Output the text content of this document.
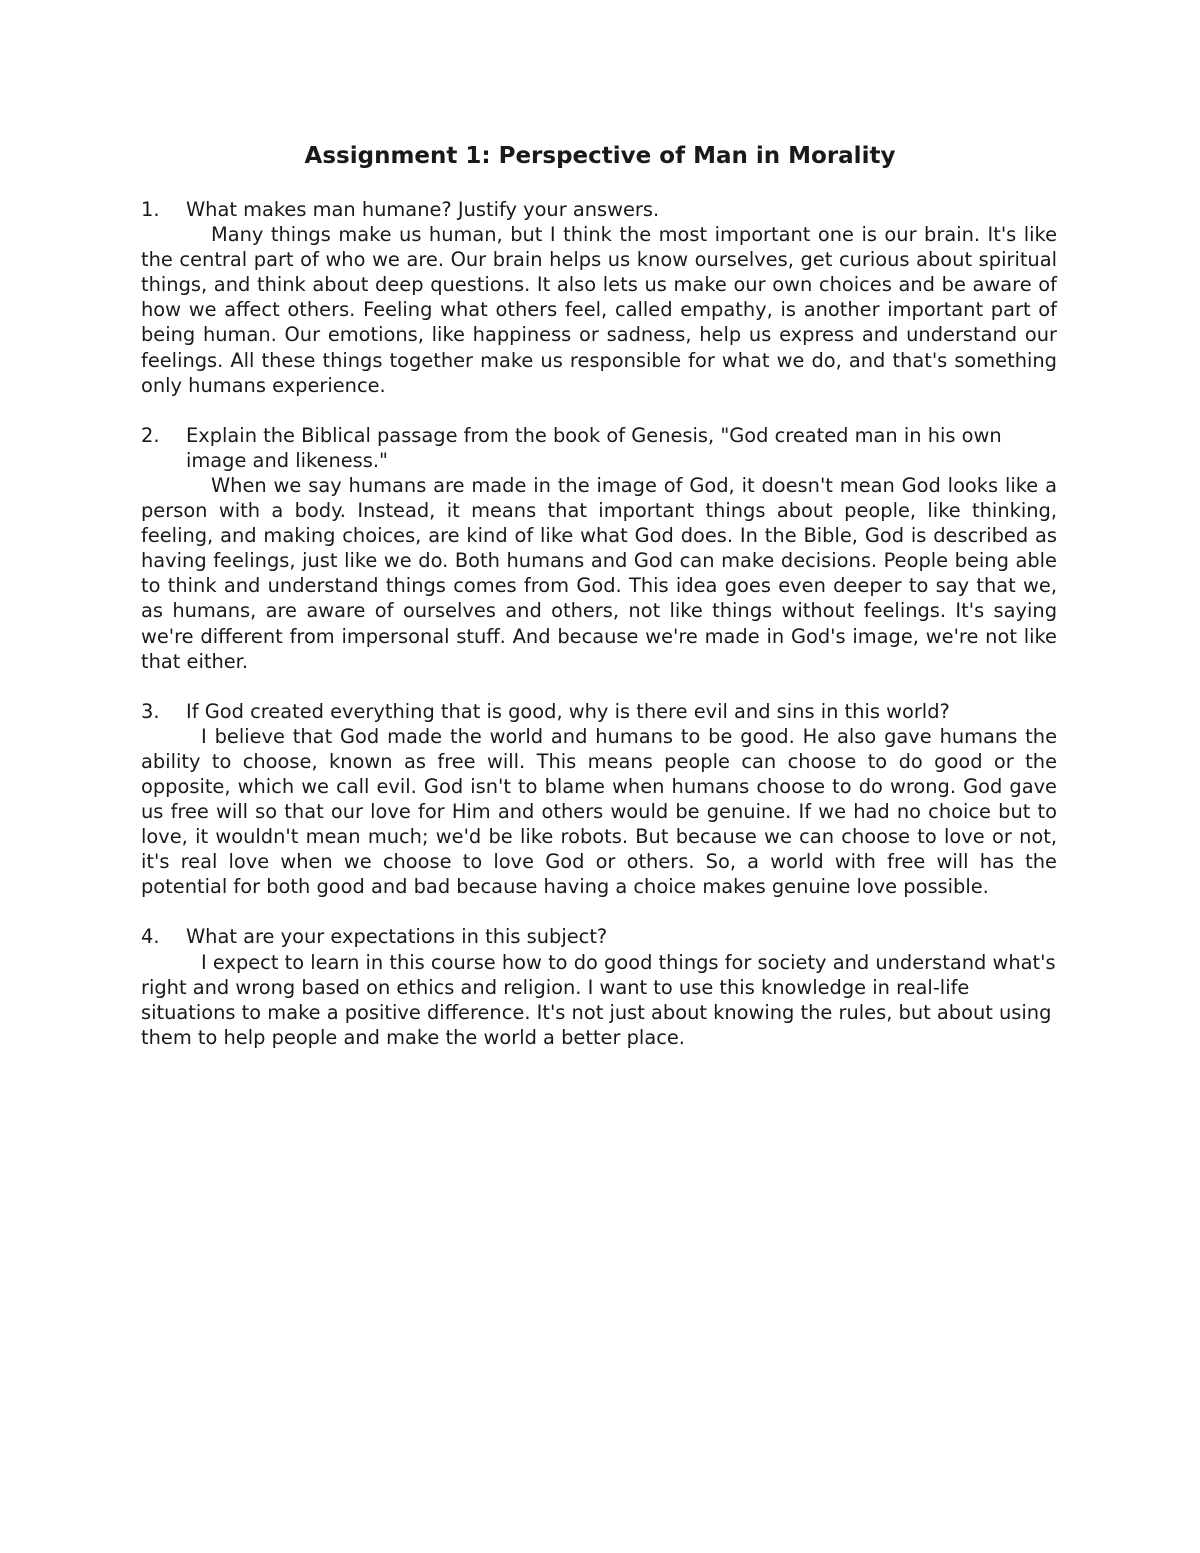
Assignment 1: Perspective of Man in Morality

1.	What makes man humane? Justify your answers.

Many things make us human, but I think the most important one is our brain. It's like the central part of who we are. Our brain helps us know ourselves, get curious about spiritual things, and think about deep questions. It also lets us make our own choices and be aware of how we affect others. Feeling what others feel, called empathy, is another important part of being human. Our emotions, like happiness or sadness, help us express and understand our feelings. All these things together make us responsible for what we do, and that's something only humans experience.

2.	Explain the Biblical passage from the book of Genesis, "God created man in his own image and likeness."

When we say humans are made in the image of God, it doesn't mean God looks like a person with a body. Instead, it means that important things about people, like thinking, feeling, and making choices, are kind of like what God does. In the Bible, God is described as having feelings, just like we do. Both humans and God can make decisions. People being able to think and understand things comes from God. This idea goes even deeper to say that we, as humans, are aware of ourselves and others, not like things without feelings. It's saying we're different from impersonal stuff. And because we're made in God's image, we're not like that either.

3.	If God created everything that is good, why is there evil and sins in this world?

I believe that God made the world and humans to be good. He also gave humans the ability to choose, known as free will. This means people can choose to do good or the opposite, which we call evil. God isn't to blame when humans choose to do wrong. God gave us free will so that our love for Him and others would be genuine. If we had no choice but to love, it wouldn't mean much; we'd be like robots. But because we can choose to love or not, it's real love when we choose to love God or others. So, a world with free will has the potential for both good and bad because having a choice makes genuine love possible.

4.	What are your expectations in this subject?

I expect to learn in this course how to do good things for society and understand what's right and wrong based on ethics and religion. I want to use this knowledge in real-life situations to make a positive difference. It's not just about knowing the rules, but about using them to help people and make the world a better place.
